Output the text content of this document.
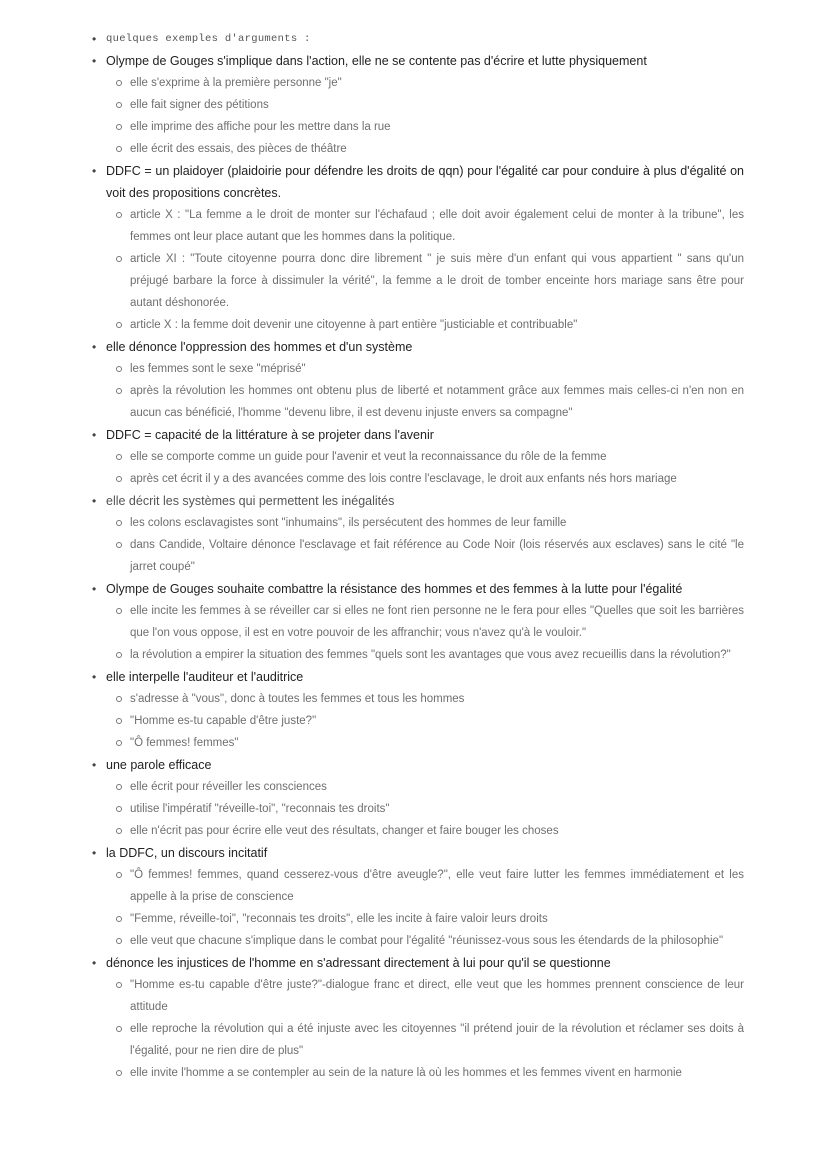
• quelques exemples d'arguments :
• Olympe de Gouges s'implique dans l'action, elle ne se contente pas d'écrire et lutte physiquement
elle s'exprime à la première personne "je"
elle fait signer des pétitions
elle imprime des affiche pour les mettre dans la rue
elle écrit des essais, des pièces de théâtre
• DDFC = un plaidoyer (plaidoirie pour défendre les droits de qqn) pour l'égalité car pour conduire à plus d'égalité on voit des propositions concrètes.
article X : "La femme a le droit de monter sur l'échafaud ; elle doit avoir également celui de monter à la tribune", les femmes ont leur place autant que les hommes dans la politique.
article XI : "Toute citoyenne pourra donc dire librement " je suis mère d'un enfant qui vous appartient " sans qu'un préjugé barbare la force à dissimuler la vérité", la femme a le droit de tomber enceinte hors mariage sans être pour autant déshonorée.
article X : la femme doit devenir une citoyenne à part entière "justiciable et contribuable"
• elle dénonce l'oppression des hommes et d'un système
les femmes sont le sexe "méprisé"
après la révolution les hommes ont obtenu plus de liberté et notamment grâce aux femmes mais celles-ci n'en non en aucun cas bénéficié, l'homme "devenu libre, il est devenu injuste envers sa compagne"
• DDFC = capacité de la littérature à se projeter dans l'avenir
elle se comporte comme un guide pour l'avenir et veut la reconnaissance du rôle de la femme
après cet écrit il y a des avancées comme des lois contre l'esclavage, le droit aux enfants nés hors mariage
• elle décrit les systèmes qui permettent les inégalités
les colons esclavagistes sont "inhumains", ils persécutent des hommes de leur famille
dans Candide, Voltaire dénonce l'esclavage et fait référence au Code Noir (lois réservés aux esclaves) sans le cité "le jarret coupé"
• Olympe de Gouges souhaite combattre la résistance des hommes et des femmes à la lutte pour l'égalité
elle incite les femmes à se réveiller car si elles ne font rien personne ne le fera pour elles "Quelles que soit les barrières que l'on vous oppose, il est en votre pouvoir de les affranchir; vous n'avez qu'à le vouloir."
la révolution a empirer la situation des femmes "quels sont les avantages que vous avez recueillis dans la révolution?"
• elle interpelle l'auditeur et l'auditrice
s'adresse à "vous", donc à toutes les femmes et tous les hommes
"Homme es-tu capable d'être juste?"
"Ô femmes! femmes"
• une parole efficace
elle écrit pour réveiller les consciences
utilise l'impératif "réveille-toi", "reconnais tes droits"
elle n'écrit pas pour écrire elle veut des résultats, changer et faire bouger les choses
• la DDFC, un discours incitatif
"Ô femmes! femmes, quand cesserez-vous d'être aveugle?", elle veut faire lutter les femmes immédiatement et les appelle à la prise de conscience
"Femme, réveille-toi", "reconnais tes droits", elle les incite à faire valoir leurs droits
elle veut que chacune s'implique dans le combat pour l'égalité "réunissez-vous sous les étendards de la philosophie"
• dénonce les injustices de l'homme en s'adressant directement à lui pour qu'il se questionne
"Homme es-tu capable d'être juste?"-dialogue franc et direct, elle veut que les hommes prennent conscience de leur attitude
elle reproche la révolution qui a été injuste avec les citoyennes "il prétend jouir de la révolution et réclamer ses doits à l'égalité, pour ne rien dire de plus"
elle invite l'homme a se contempler au sein de la nature là où les hommes et les femmes vivent en harmonie
